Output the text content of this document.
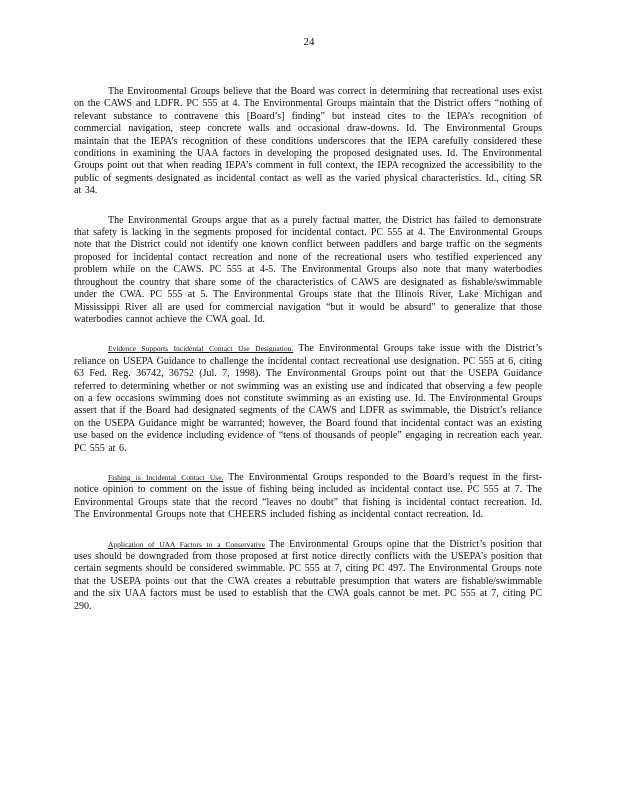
24

The Environmental Groups believe that the Board was correct in determining that recreational uses exist on the CAWS and LDFR. PC 555 at 4. The Environmental Groups maintain that the District offers “nothing of relevant substance to contravene this [Board’s] finding” but instead cites to the IEPA’s recognition of commercial navigation, steep concrete walls and occasional draw-downs. Id. The Environmental Groups maintain that the IEPA’s recognition of these conditions underscores that the IEPA carefully considered these conditions in examining the UAA factors in developing the proposed designated uses. Id. The Environmental Groups point out that when reading IEPA’s comment in full context, the IEPA recognized the accessibility to the public of segments designated as incidental contact as well as the varied physical characteristics. Id., citing SR at 34.

The Environmental Groups argue that as a purely factual matter, the District has failed to demonstrate that safety is lacking in the segments proposed for incidental contact. PC 555 at 4. The Environmental Groups note that the District could not identify one known conflict between paddlers and barge traffic on the segments proposed for incidental contact recreation and none of the recreational users who testified experienced any problem while on the CAWS. PC 555 at 4-5. The Environmental Groups also note that many waterbodies throughout the country that share some of the characteristics of CAWS are designated as fishable/swimmable under the CWA. PC 555 at 5. The Environmental Groups state that the Illinois River, Lake Michigan and Mississippi River all are used for commercial navigation “but it would be absurd” to generalize that those waterbodies cannot achieve the CWA goal. Id.

Evidence Supports Incidental Contact Use Designation. The Environmental Groups take issue with the District’s reliance on USEPA Guidance to challenge the incidental contact recreational use designation. PC 555 at 6, citing 63 Fed. Reg. 36742, 36752 (Jul. 7, 1998). The Environmental Groups point out that the USEPA Guidance referred to determining whether or not swimming was an existing use and indicated that observing a few people on a few occasions swimming does not constitute swimming as an existing use. Id. The Environmental Groups assert that if the Board had designated segments of the CAWS and LDFR as swimmable, the District’s reliance on the USEPA Guidance might be warranted; however, the Board found that incidental contact was an existing use based on the evidence including evidence of “tens of thousands of people” engaging in recreation each year. PC 555 at 6.

Fishing is Incidental Contact Use. The Environmental Groups responded to the Board’s request in the first-notice opinion to comment on the issue of fishing being included as incidental contact use. PC 555 at 7. The Environmental Groups state that the record “leaves no doubt” that fishing is incidental contact recreation. Id. The Environmental Groups note that CHEERS included fishing as incidental contact recreation. Id.

Application of UAA Factors to a Conservative The Environmental Groups opine that the District’s position that uses should be downgraded from those proposed at first notice directly conflicts with the USEPA’s position that certain segments should be considered swimmable. PC 555 at 7, citing PC 497. The Environmental Groups note that the USEPA points out that the CWA creates a rebuttable presumption that waters are fishable/swimmable and the six UAA factors must be used to establish that the CWA goals cannot be met. PC 555 at 7, citing PC 290.
